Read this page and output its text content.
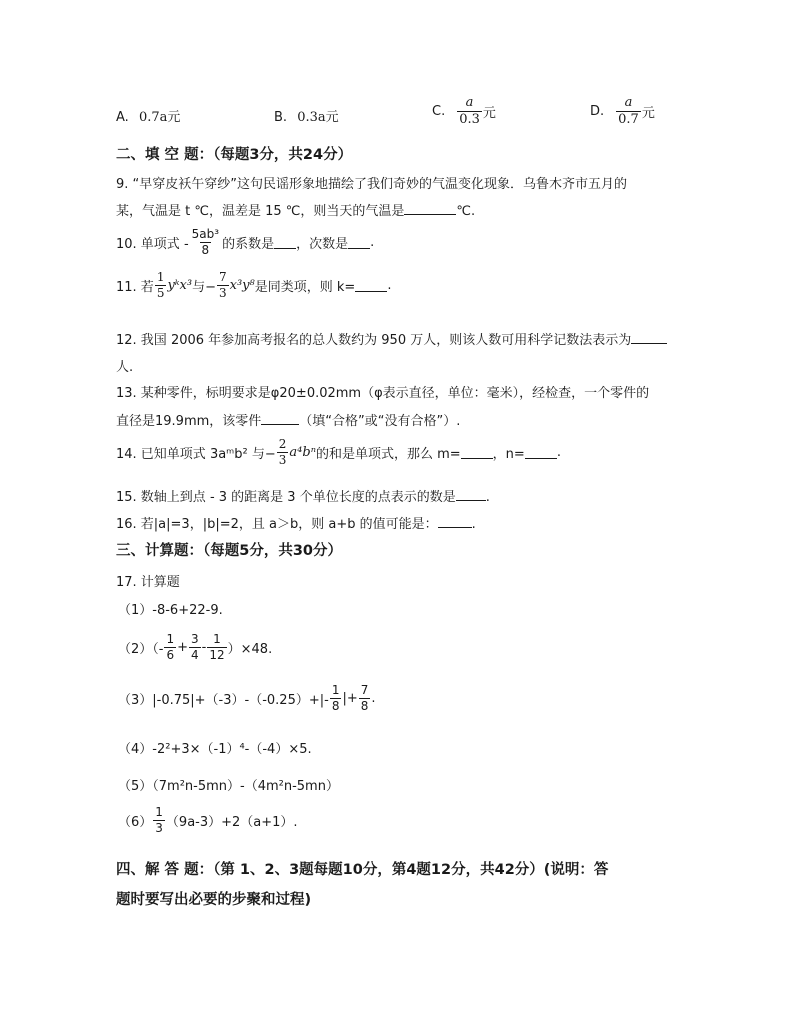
A. 0.7a元	B. 0.3a元	C. $\frac{a}{0.3}$ 元	D. $\frac{a}{0.7}$ 元
二、填 空 题：（每题3分，共24分）
9. “早穿皮袄午穿纱”这句民谣形象地描绘了我们奇妙的气温变化现象．乌鲁木齐市五月的
某，气温是 t ℃，温差是 15 ℃，则当天的气温是	℃.
10. 单项式 - $\frac{\text{5ab³}}{8}$ 的系数是 ，次数是 .
11. 若 $\frac{1}{5}$ yᵏx³ 与− $\frac{7}{3} x^3y^8$ 是同类项，则 k= .
12. 我国 2006 年参加高考报名的总人数约为 950 万人，则该人数可用科学记数法表示为
人.
13. 某种零件，标明要求是φ20±0.02mm（φ表示直径，单位：毫米），经检查，一个零件的
直径是19.9mm，该零件	（填“合格”或“没有合格”）.
14. 已知单项式 3aᵐb² 与− $\frac{2}{3} a^4b^n$ 的和是单项式，那么 m= ，n= .
15. 数轴上到点 - 3 的距离是 3 个单位长度的点表示的数是 .
16. 若|a|=3，|b|=2，且 a＞b，则 a+b 的值可能是：	.
三、计算题：（每题5分，共30分）
17. 计算题
（1）-8-6+22-9.
$(2)(- \frac{1}{6} + \frac{3}{4} - \frac{1}{12} )\times 48$.
$(3)|-0.75|+(-3)-(-0.25)+|- \frac{1}{8}$ |+ $\frac{7}{8}$ .
（4）-2²+3×（-1）⁴-（-4）×5.
（5）（7m²n-5mn）-（4m²n-5mn）
$(6) \frac{1}{3} (9a-3)+2(a+1)$.
四、解 答 题：（第 1、2、3题每题10分，第4题12分，共42分）(说明：答
题时要写出必要的步聚和过程)
